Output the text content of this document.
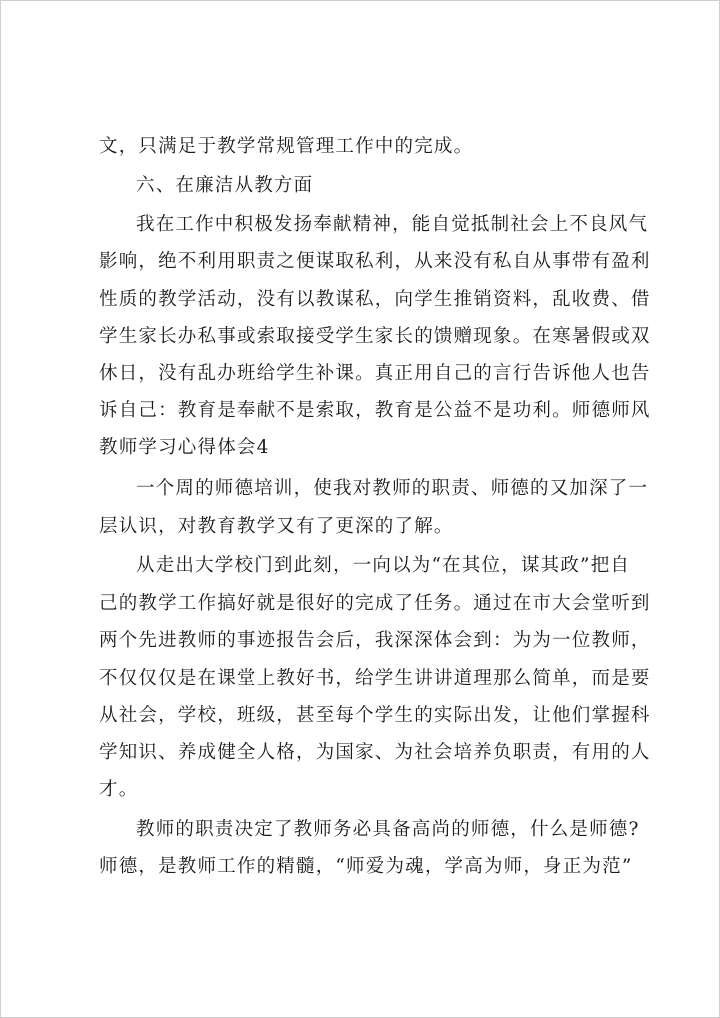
文，只满足于教学常规管理工作中的完成。
六、在廉洁从教方面
我在工作中积极发扬奉献精神，能自觉抵制社会上不良风气
影响，绝不利用职责之便谋取私利，从来没有私自从事带有盈利
性质的教学活动，没有以教谋私，向学生推销资料，乱收费、借
学生家长办私事或索取接受学生家长的馈赠现象。在寒暑假或双
休日，没有乱办班给学生补课。真正用自己的言行告诉他人也告
诉自己：教育是奉献不是索取，教育是公益不是功利。师德师风
教师学习心得体会4
一个周的师德培训，使我对教师的职责、师德的又加深了一
层认识，对教育教学又有了更深的了解。
从走出大学校门到此刻，一向以为“在其位，谋其政”把自
己的教学工作搞好就是很好的完成了任务。通过在市大会堂听到
两个先进教师的事迹报告会后，我深深体会到：为为一位教师，
不仅仅仅是在课堂上教好书，给学生讲讲道理那么简单，而是要
从社会，学校，班级，甚至每个学生的实际出发，让他们掌握科
学知识、养成健全人格，为国家、为社会培养负职责，有用的人
才。
教师的职责决定了教师务必具备高尚的师德，什么是师德?
师德，是教师工作的精髓，“师爱为魂，学高为师，身正为范”
